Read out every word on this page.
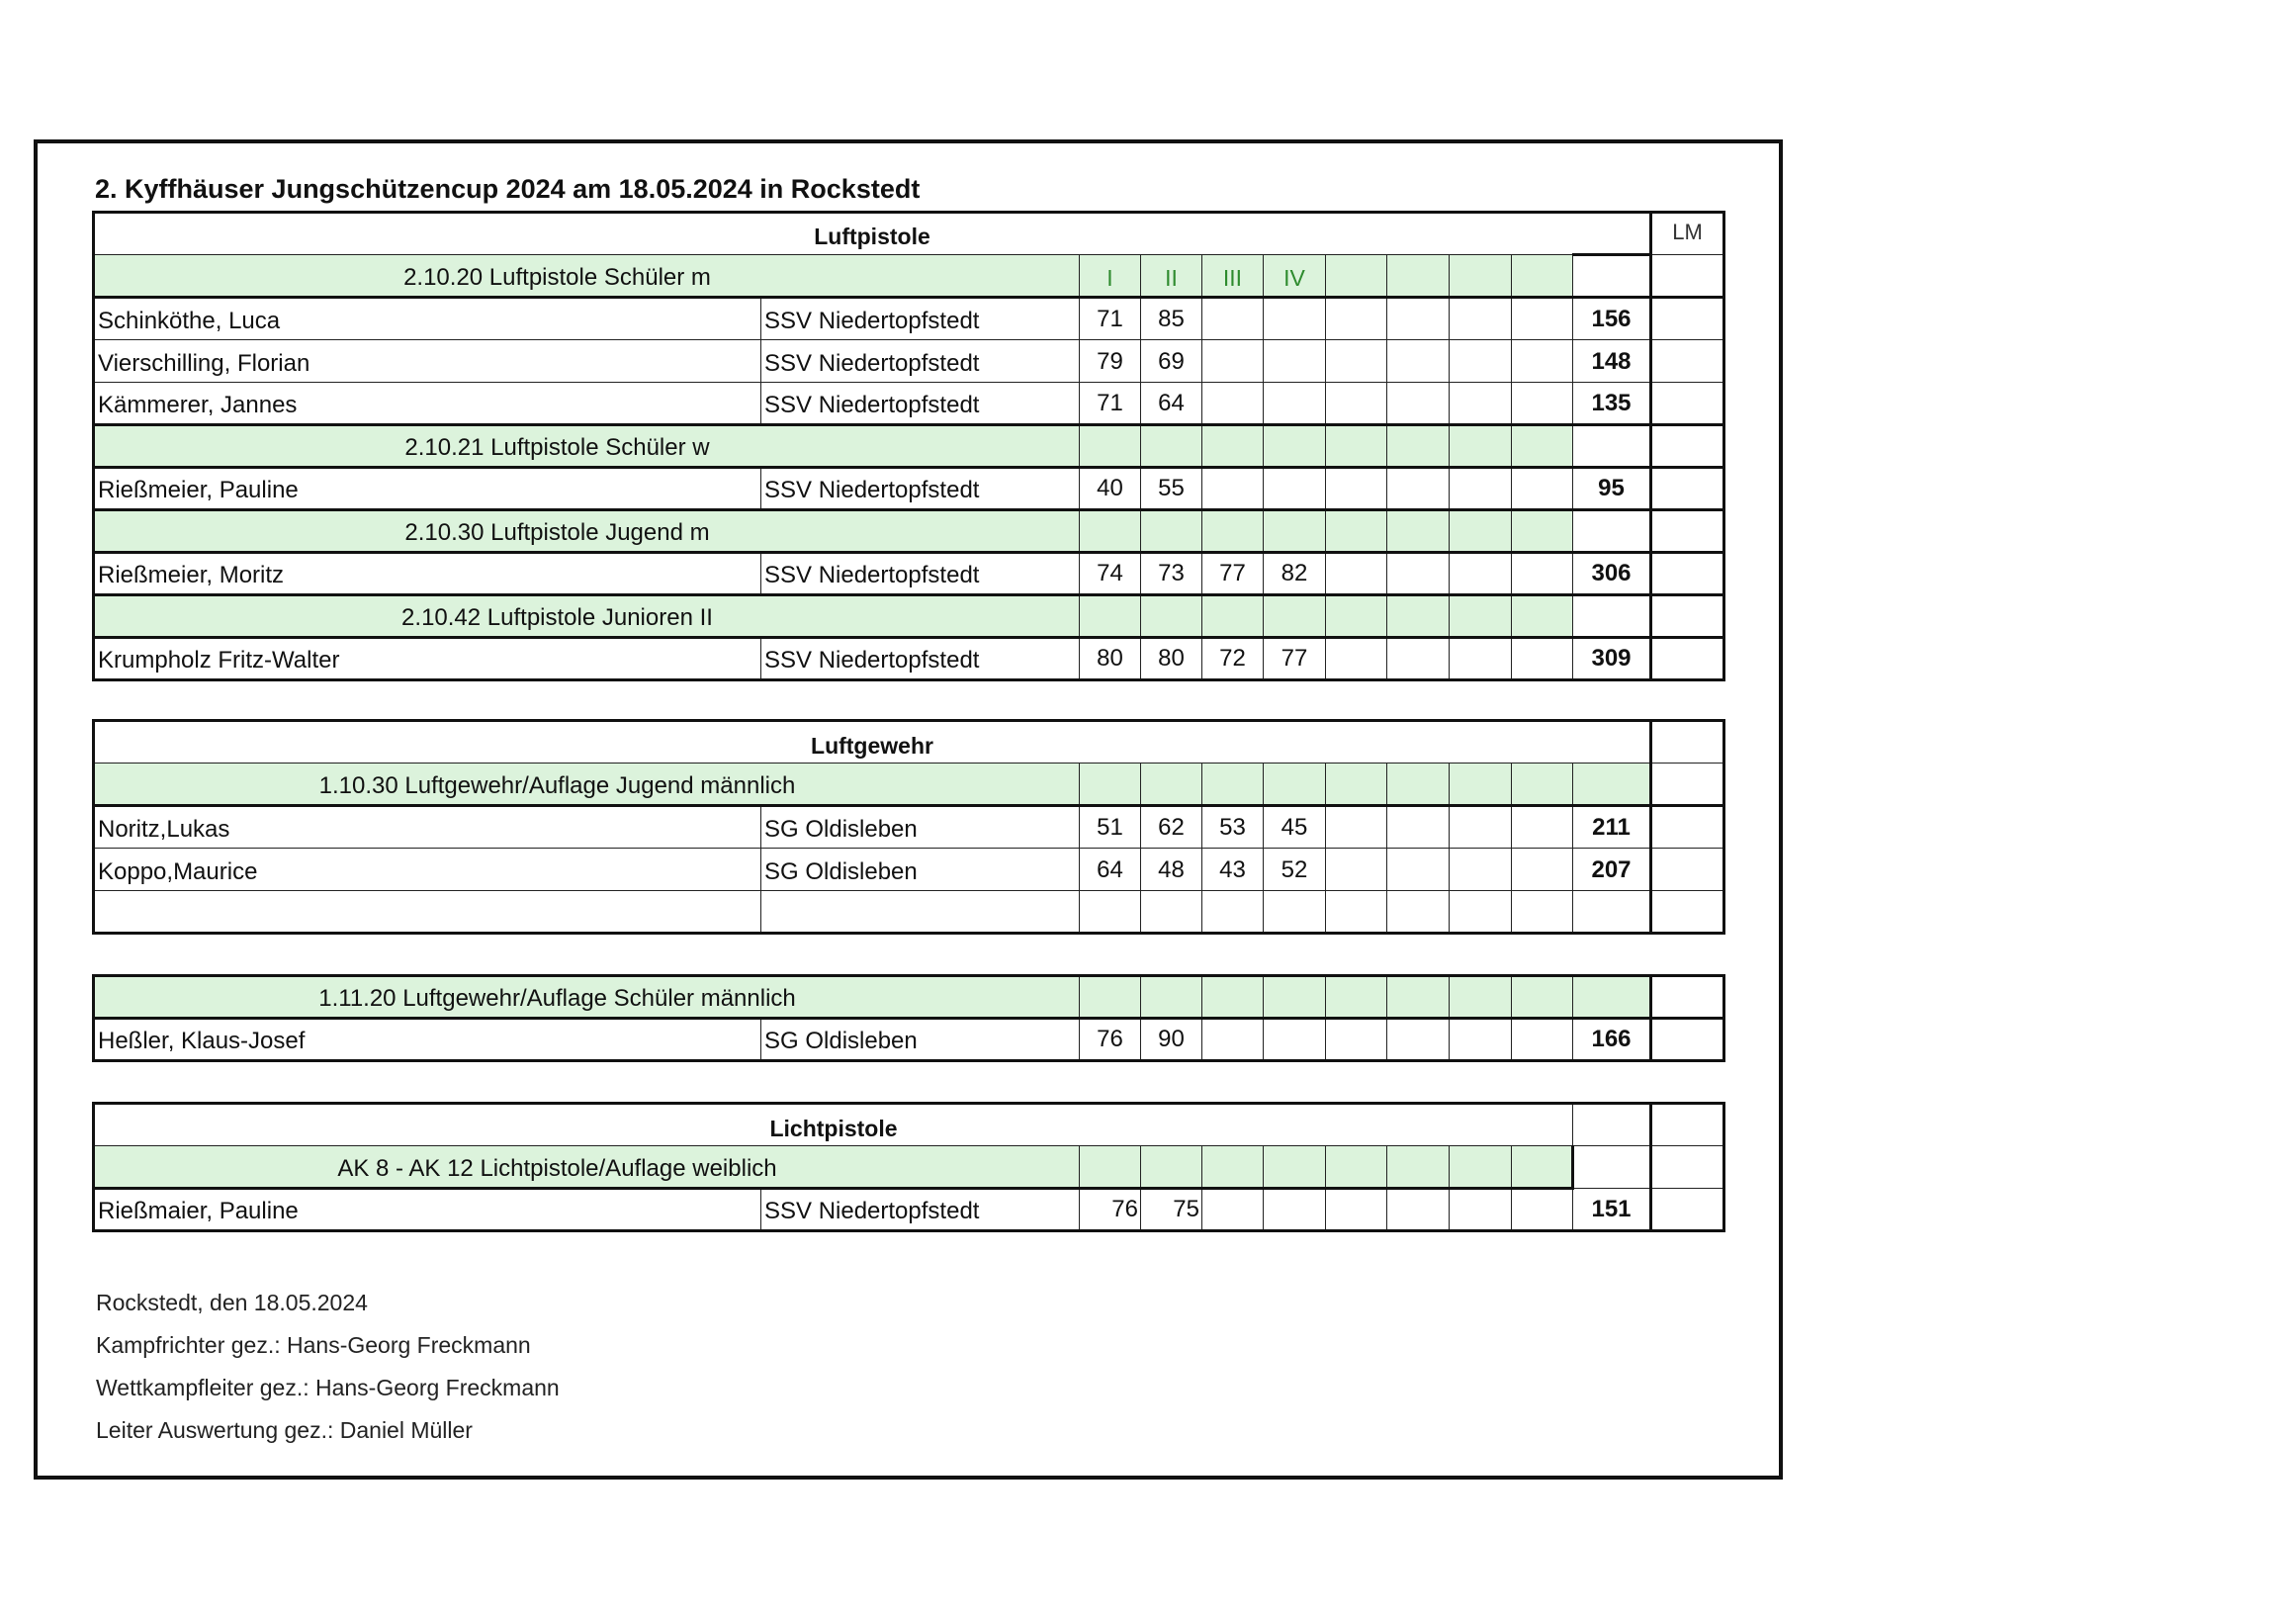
2. Kyffhäuser Jungschützencup 2024 am 18.05.2024 in Rockstedt
Luftpistole											LM
2.10.20 Luftpistole Schüler m		I	II	III	IV						
Schinköthe, Luca	SSV Niedertopfstedt	71	85							156	
Vierschilling, Florian	SSV Niedertopfstedt	79	69							148	
Kämmerer, Jannes	SSV Niedertopfstedt	71	64							135	
2.10.21 Luftpistole Schüler w											
Rießmeier, Pauline	SSV Niedertopfstedt	40	55							95	
2.10.30 Luftpistole Jugend m											
Rießmeier, Moritz	SSV Niedertopfstedt	74	73	77	82					306	
2.10.42 Luftpistole Junioren II											
Krumpholz Fritz-Walter	SSV Niedertopfstedt	80	80	72	77					309	
Luftgewehr											
1.10.30 Luftgewehr/Auflage Jugend männlich											
Noritz,Lukas	SG Oldisleben	51	62	53	45					211	
Koppo,Maurice	SG Oldisleben	64	48	43	52					207	

1.11.20 Luftgewehr/Auflage Schüler männlich											
Heßler, Klaus-Josef	SG Oldisleben	76	90							166	
Lichtpistole											
AK 8 - AK 12 Lichtpistole/Auflage weiblich											
Rießmaier, Pauline	SSV Niedertopfstedt	76	75							151	
Rockstedt, den 18.05.2024
Kampfrichter gez.: Hans-Georg Freckmann
Wettkampfleiter gez.: Hans-Georg Freckmann
Leiter Auswertung gez.: Daniel Müller
